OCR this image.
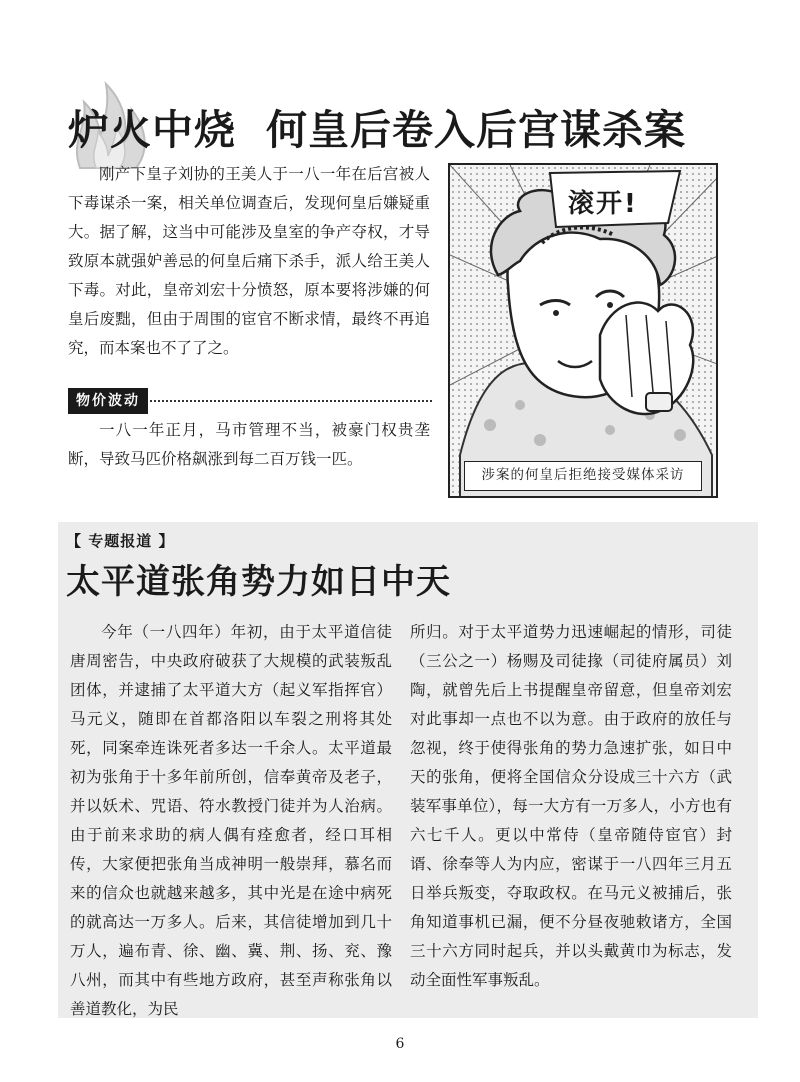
炉火中烧 何皇后卷入后宫谋杀案

刚产下皇子刘协的王美人于一八一年在后宫被人下毒谋杀一案，相关单位调查后，发现何皇后嫌疑重大。据了解，这当中可能涉及皇室的争产夺权，才导致原本就强妒善忌的何皇后痛下杀手，派人给王美人下毒。对此，皇帝刘宏十分愤怒，原本要将涉嫌的何皇后废黜，但由于周围的宦官不断求情，最终不再追究，而本案也不了了之。

滚开!
涉案的何皇后拒绝接受媒体采访
物价波动

一八一年正月，马市管理不当，被豪门权贵垄断，导致马匹价格飙涨到每二百万钱一匹。

【 专题报道 】
太平道张角势力如日中天

今年（一八四年）年初，由于太平道信徒唐周密告，中央政府破获了大规模的武装叛乱团体，并逮捕了太平道大方（起义军指挥官）马元义，随即在首都洛阳以车裂之刑将其处死，同案牵连诛死者多达一千余人。太平道最初为张角于十多年前所创，信奉黄帝及老子，并以妖术、咒语、符水教授门徒并为人治病。由于前来求助的病人偶有痊愈者，经口耳相传，大家便把张角当成神明一般崇拜，慕名而来的信众也就越来越多，其中光是在途中病死的就高达一万多人。后来，其信徒增加到几十万人，遍布青、徐、幽、冀、荆、扬、兖、豫八州，而其中有些地方政府，甚至声称张角以善道教化，为民

所归。对于太平道势力迅速崛起的情形，司徒（三公之一）杨赐及司徒掾（司徒府属员）刘陶，就曾先后上书提醒皇帝留意，但皇帝刘宏对此事却一点也不以为意。由于政府的放任与忽视，终于使得张角的势力急速扩张，如日中天的张角，便将全国信众分设成三十六方（武装军事单位），每一大方有一万多人，小方也有六七千人。更以中常侍（皇帝随侍宦官）封谞、徐奉等人为内应，密谋于一八四年三月五日举兵叛变，夺取政权。在马元义被捕后，张角知道事机已漏，便不分昼夜驰敕诸方，全国三十六方同时起兵，并以头戴黄巾为标志，发动全面性军事叛乱。

6
